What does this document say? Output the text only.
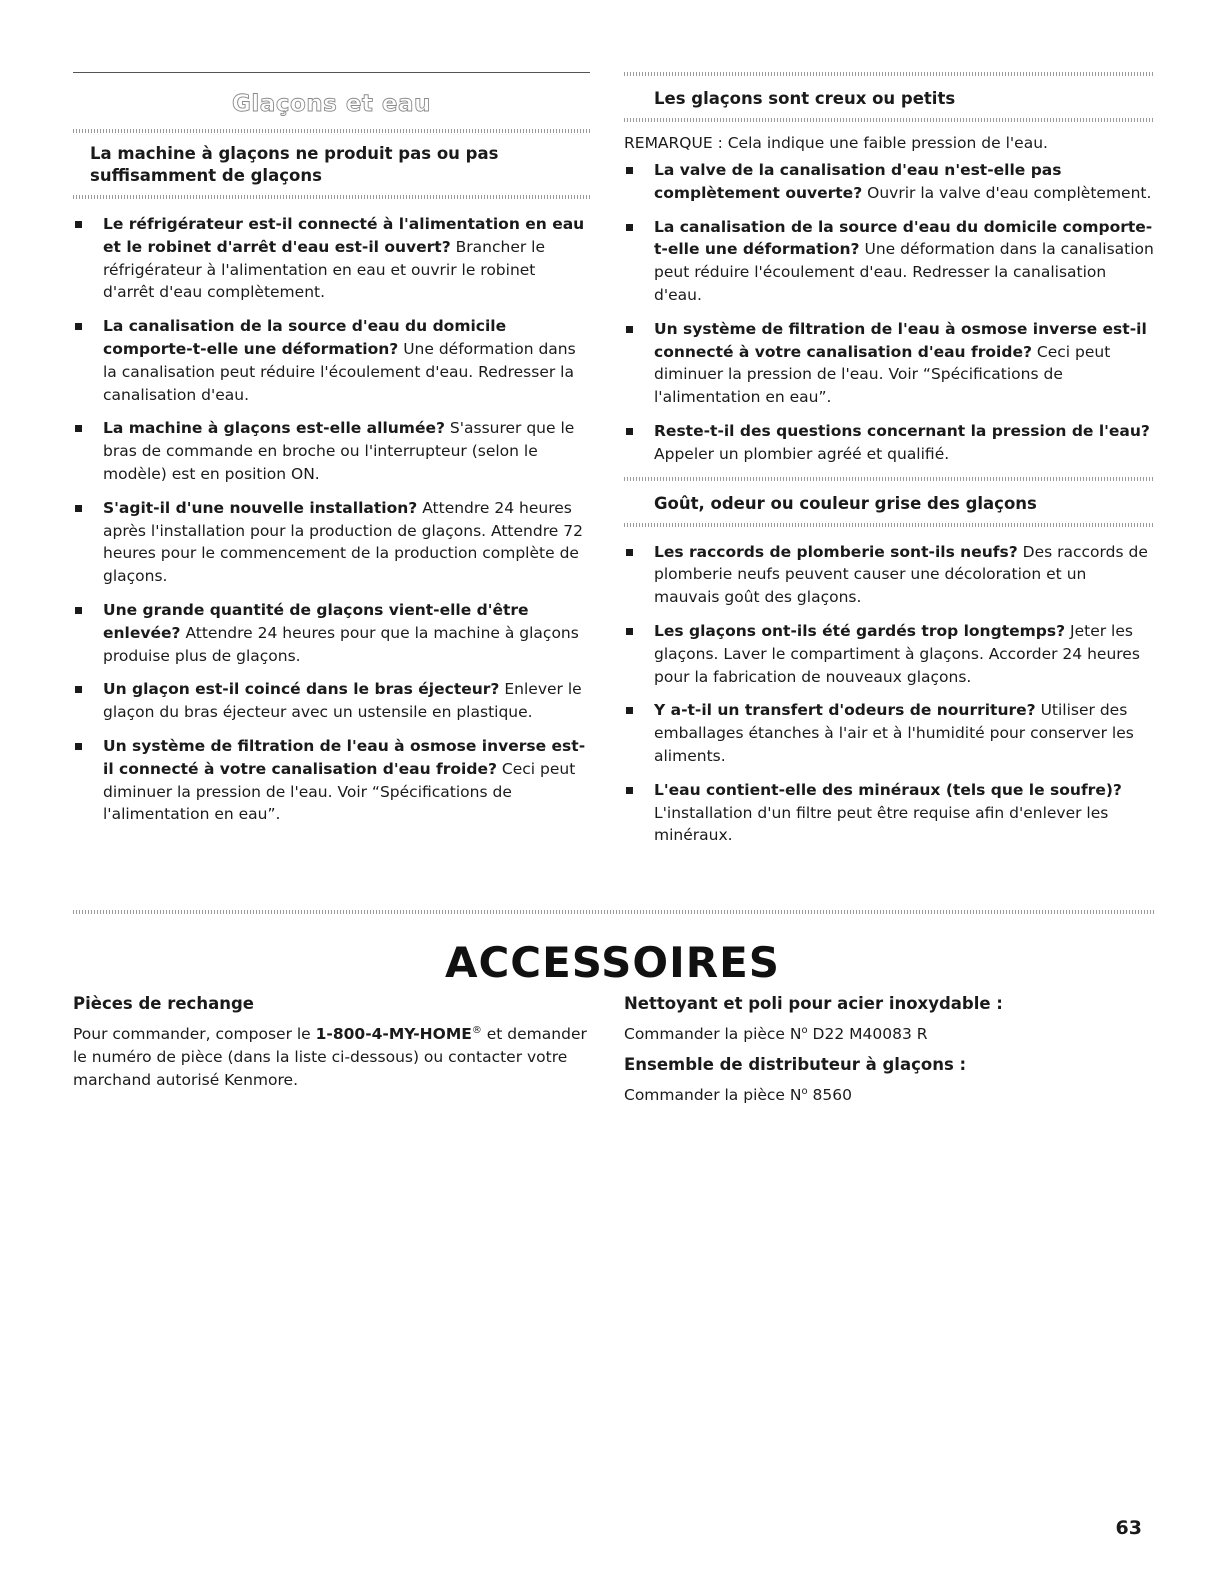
Glaçons et eau
La machine à glaçons ne produit pas ou pas
suffisamment de glaçons
Le réfrigérateur est-il connecté à l'alimentation en eau et le robinet d'arrêt d'eau est-il ouvert? Brancher le réfrigérateur à l'alimentation en eau et ouvrir le robinet d'arrêt d'eau complètement.
La canalisation de la source d'eau du domicile comporte-t-elle une déformation? Une déformation dans la canalisation peut réduire l'écoulement d'eau. Redresser la canalisation d'eau.
La machine à glaçons est-elle allumée? S'assurer que le bras de commande en broche ou l'interrupteur (selon le modèle) est en position ON.
S'agit-il d'une nouvelle installation? Attendre 24 heures après l'installation pour la production de glaçons. Attendre 72 heures pour le commencement de la production complète de glaçons.
Une grande quantité de glaçons vient-elle d'être enlevée? Attendre 24 heures pour que la machine à glaçons produise plus de glaçons.
Un glaçon est-il coincé dans le bras éjecteur? Enlever le glaçon du bras éjecteur avec un ustensile en plastique.
Un système de filtration de l'eau à osmose inverse est-il connecté à votre canalisation d'eau froide? Ceci peut diminuer la pression de l'eau. Voir “Spécifications de l'alimentation en eau”.
Les glaçons sont creux ou petits
REMARQUE : Cela indique une faible pression de l'eau.
La valve de la canalisation d'eau n'est-elle pas complètement ouverte? Ouvrir la valve d'eau complètement.
La canalisation de la source d'eau du domicile comporte-t-elle une déformation? Une déformation dans la canalisation peut réduire l'écoulement d'eau. Redresser la canalisation d'eau.
Un système de filtration de l'eau à osmose inverse est-il connecté à votre canalisation d'eau froide? Ceci peut diminuer la pression de l'eau. Voir “Spécifications de l'alimentation en eau”.
Reste-t-il des questions concernant la pression de l'eau? Appeler un plombier agréé et qualifié.
Goût, odeur ou couleur grise des glaçons
Les raccords de plomberie sont-ils neufs? Des raccords de plomberie neufs peuvent causer une décoloration et un mauvais goût des glaçons.
Les glaçons ont-ils été gardés trop longtemps? Jeter les glaçons. Laver le compartiment à glaçons. Accorder 24 heures pour la fabrication de nouveaux glaçons.
Y a-t-il un transfert d'odeurs de nourriture? Utiliser des emballages étanches à l'air et à l'humidité pour conserver les aliments.
L'eau contient-elle des minéraux (tels que le soufre)? L'installation d'un filtre peut être requise afin d'enlever les minéraux.
ACCESSOIRES
Pièces de rechange
Pour commander, composer le 1-800-4-MY-HOME® et demander le numéro de pièce (dans la liste ci-dessous) ou contacter votre marchand autorisé Kenmore.
Nettoyant et poli pour acier inoxydable :
Commander la pièce $N^o$ D22 M40083 R
Ensemble de distributeur à glaçons :
Commander la pièce $N^o$ 8560
63
